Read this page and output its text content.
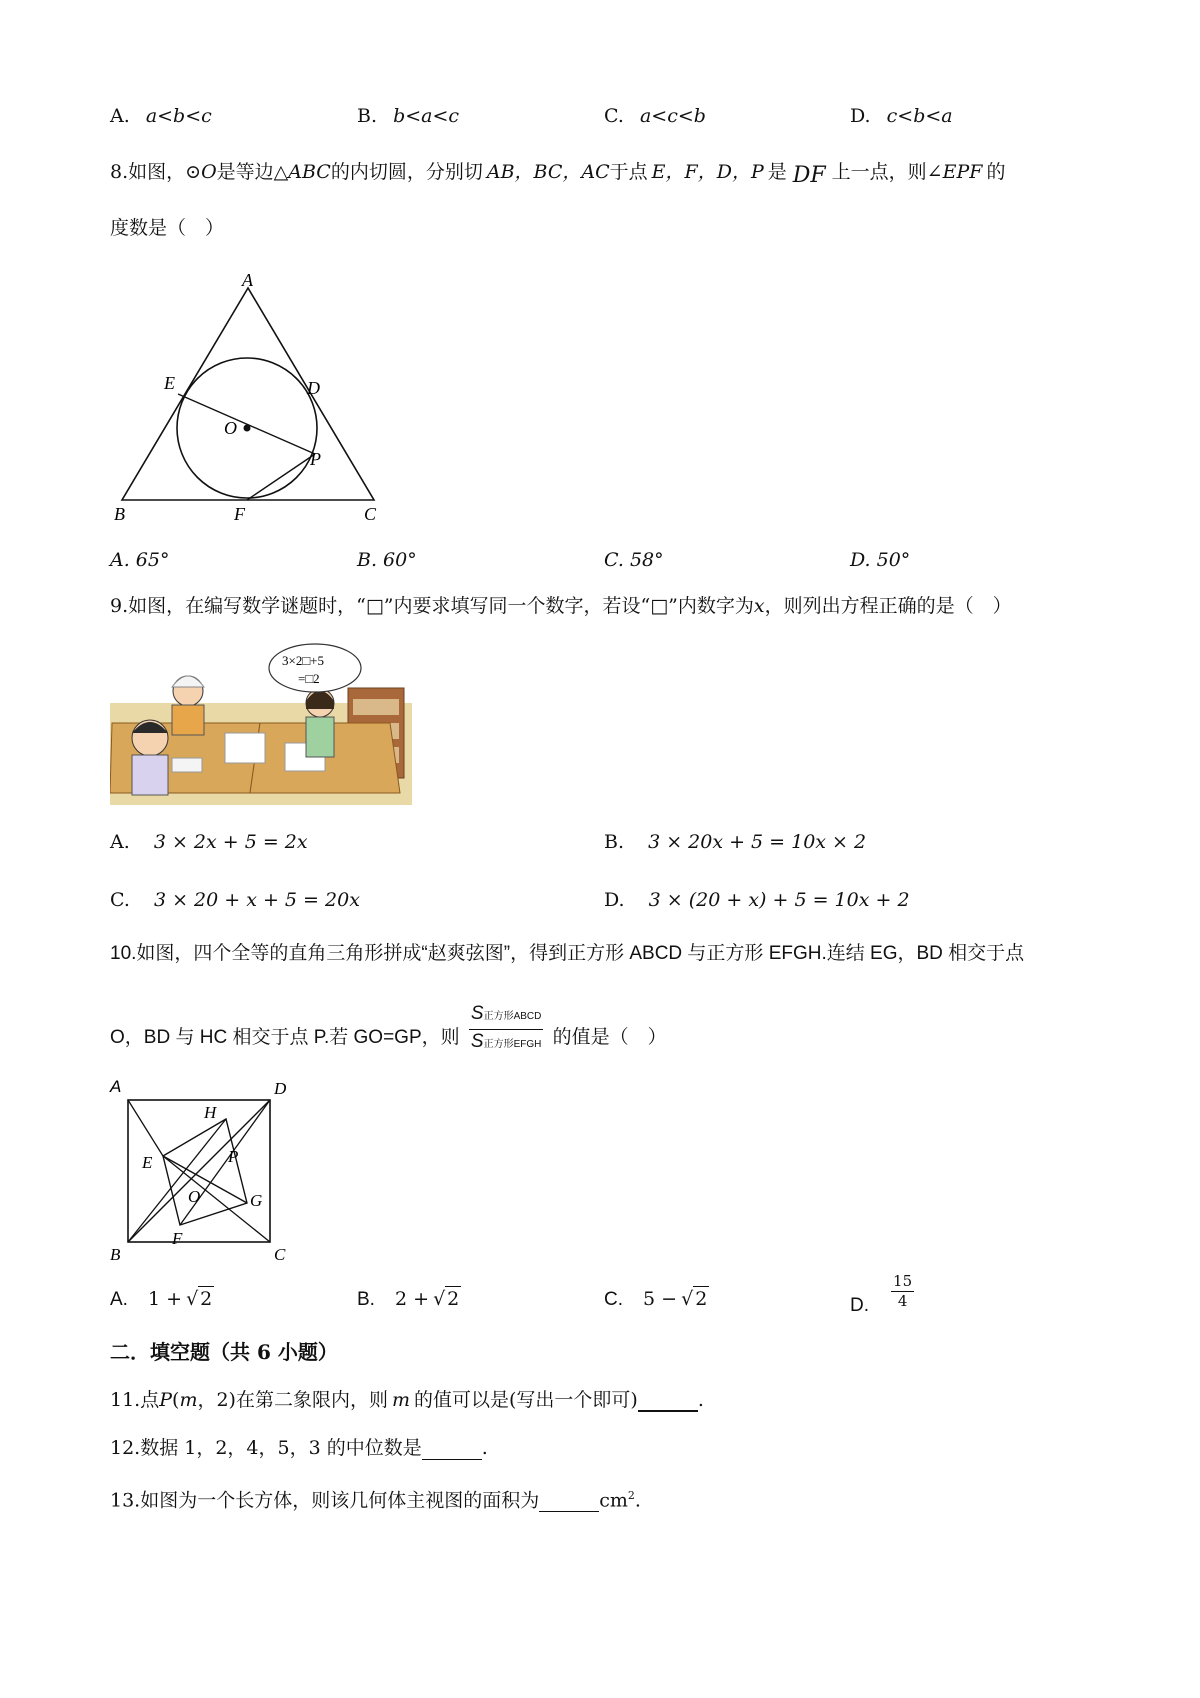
A. a<b<c	B. b<a<c	C. a<c<b	D. c<b<a
8.如图，⊙O是等边△ABC的内切圆，分别切 AB，BC，AC于点 E，F，D，P 是 DF 上一点，则∠EPF 的
度数是（　）
A
B	C
D
E
F
O
P
A. 65°	B. 60°	C. 58°	D. 50°
9.如图，在编写数学谜题时，“□”内要求填写同一个数字，若设“□”内数字为x，则列出方程正确的是（　）
3×2□+5
=□2
A. 3 × 2x + 5 = 2x	B. 3 × 20x + 5 = 10x × 2
C. 3 × 20 + x + 5 = 20x	D. 3 × (20 + x) + 5 = 10x + 2
10.如图，四个全等的直角三角形拼成“赵爽弦图”，得到正方形 ABCD 与正方形 EFGH.连结 EG，BD 相交于点
O，BD 与 HC 相交于点 P.若 GO=GP，则 $\frac{\text{S正方形ABCD}}{\text{S正方形EFGH}}$ 的值是（　）
A
B	C
D
E
F
G
H
O
P
A. 1 + √ 2	B. 2 + √ 2	C. 5 − √ 2	D. $\frac{15}{4}$
二．填空题（共 6 小题）
11.点P(m，2)在第二象限内，则 m 的值可以是(写出一个即可)	.
12.数据 1，2，4，5，3 的中位数是	.
13.如图为一个长方体，则该几何体主视图的面积为	$cm^2$.
